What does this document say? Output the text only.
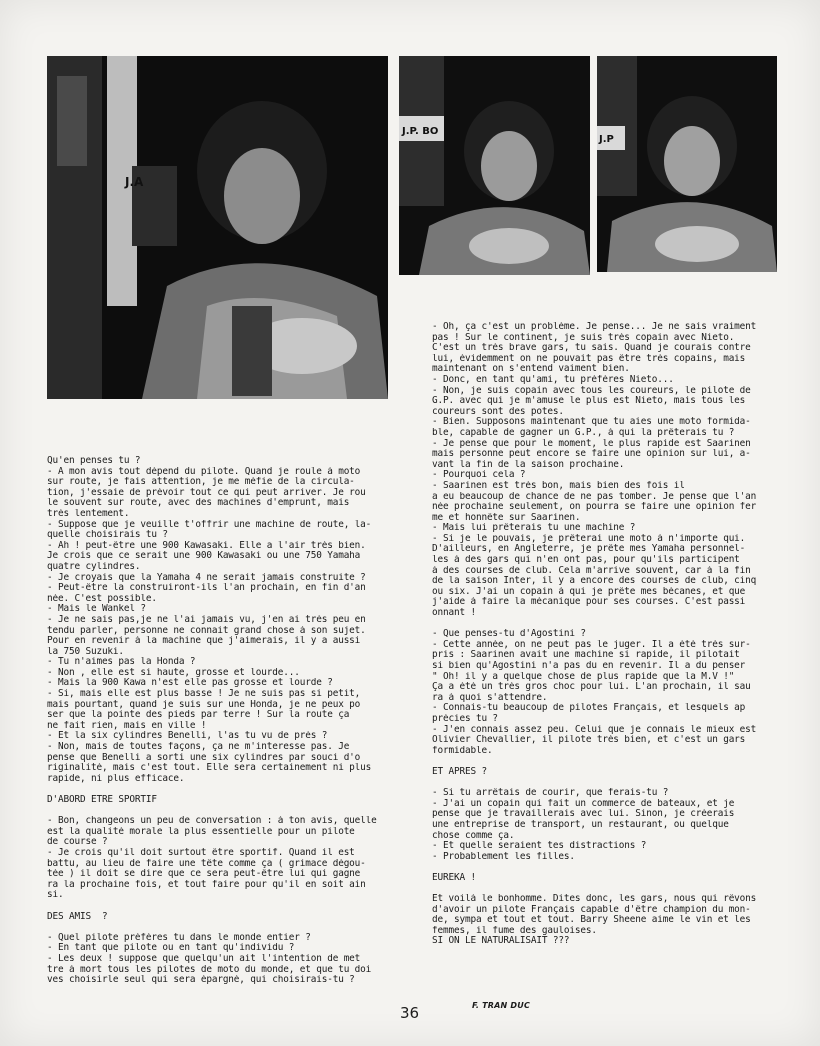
J.A
J.P. BO
J.P
Qu'en penses tu ?
- A mon avis tout dépend du pilote. Quand je roule à moto
sur route, je fais attention, je me méfie de la circula-
tion, j'essaie de prévoir tout ce qui peut arriver. Je rou
le souvent sur route, avec des machines d'emprunt, mais
très lentement.
- Suppose que je veuille t'offrir une machine de route, la-
quelle choisirais tu ?
- Ah ! peut-être une 900 Kawasaki. Elle a l'air très bien.
Je crois que ce serait une 900 Kawasaki ou une 750 Yamaha
quatre cylindres.
- Je croyais que la Yamaha 4 ne serait jamais construite ?
- Peut-être la construiront-ils l'an prochain, en fin d'an
née. C'est possible.
- Mais le Wankel ?
- Je ne sais pas,je ne l'ai jamais vu, j'en ai très peu en
tendu parler, personne ne connait grand chose à son sujet.
Pour en revenir à la machine que j'aimerais, il y a aussi
la 750 Suzuki.
- Tu n'aimes pas la Honda ?
- Non , elle est si haute, grosse et lourde...
- Mais la 900 Kawa n'est elle pas grosse et lourde ?
- Si, mais elle est plus basse ! Je ne suis pas si petit,
mais pourtant, quand je suis sur une Honda, je ne peux po
ser que la pointe des pieds par terre ! Sur la route ça
ne fait rien, mais en ville !
- Et la six cylindres Benelli, l'as tu vu de près ?
- Non, mais de toutes façons, ça ne m'interesse pas. Je
pense que Benelli a sorti une six cylindres par souci d'o
riginalité, mais c'est tout. Elle sera certainement ni plus
rapide, ni plus efficace.
D'ABORD ETRE SPORTIF
- Bon, changeons un peu de conversation : à ton avis, quelle
est la qualité morale la plus essentielle pour un pilote
de course ?
- Je crois qu'il doit surtout être sportif. Quand il est
battu, au lieu de faire une tête comme ça ( grimace dégou-
tée ) il doit se dire que ce sera peut-être lui qui gagne
ra la prochaine fois, et tout faire pour qu'il en soit ain
si.
DES AMIS  ?
- Quel pilote préfères tu dans le monde entier ?
- En tant que pilote ou en tant qu'individu ?
- Les deux ! suppose que quelqu'un ait l'intention de met
tre à mort tous les pilotes de moto du monde, et que tu doi
ves choisirle seul qui sera épargné, qui choisirais-tu ?
- Oh, ça c'est un problème. Je pense... Je ne sais vraiment
pas ! Sur le continent, je suis très copain avec Nieto.
C'est un très brave gars, tu sais. Quand je courais contre
lui, évidemment on ne pouvait pas être très copains, mais
maintenant on s'entend vaiment bien.
- Donc, en tant qu'ami, tu préfères Nieto...
- Non, je suis copain avec tous les coureurs, le pilote de
G.P. avec qui je m'amuse le plus est Nieto, mais tous les
coureurs sont des potes.
- Bien. Supposons maintenant que tu aies une moto formida-
ble, capable de gagner un G.P., à qui la prêterais tu ?
- Je pense que pour le moment, le plus rapide est Saarinen
mais personne peut encore se faire une opinion sur lui, a-
vant la fin de la saison prochaine.
- Pourquoi cela ?
- Saarinen est très bon, mais bien des fois il
a eu beaucoup de chance de ne pas tomber. Je pense que l'an
née prochaine seulement, on pourra se faire une opinion fer
me et honnête sur Saarinen.
- Mais lui prêterais tu une machine ?
- Si je le pouvais, je prêterai une moto à n'importe qui.
D'ailleurs, en Angleterre, je prête mes Yamaha personnel-
les à des gars qui n'en ont pas, pour qu'ils participent
à des courses de club. Cela m'arrive souvent, car à la fin
de la saison Inter, il y a encore des courses de club, cinq
ou six. J'ai un copain à qui je prête mes bécanes, et que
j'aide à faire la mécanique pour ses courses. C'est passi
onnant !
- Que penses-tu d'Agostini ?
- Cette année, on ne peut pas le juger. Il a été très sur-
pris : Saarinen avait une machine si rapide, il pilotait
si bien qu'Agostini n'a pas du en revenir. Il a du penser
" Oh! il y a quelque chose de plus rapide que la M.V !"
Ça a été un très gros choc pour lui. L'an prochain, il sau
ra à quoi s'attendre.
- Connais-tu beaucoup de pilotes Français, et lesquels ap
précies tu ?
- J'en connais assez peu. Celui que je connais le mieux est
Olivier Chevallier, il pilote très bien, et c'est un gars
formidable.
ET APRES ?
- Si tu arrêtais de courir, que ferais-tu ?
- J'ai un copain qui fait un commerce de bateaux, et je
pense que je travaillerais avec lui. Sinon, je créerais
une entreprise de transport, un restaurant, ou quelque
chose comme ça.
- Et quelle seraient tes distractions ?
- Probablement les filles.
EUREKA !
Et voilà le bonhomme. Dites donc, les gars, nous qui rêvons
d'avoir un pilote Français capable d'être champion du mon-
de, sympa et tout et tout. Barry Sheene aime le vin et les
femmes, il fume des gauloises.
SI ON LE NATURALISAIT ???
F. TRAN DUC
36
